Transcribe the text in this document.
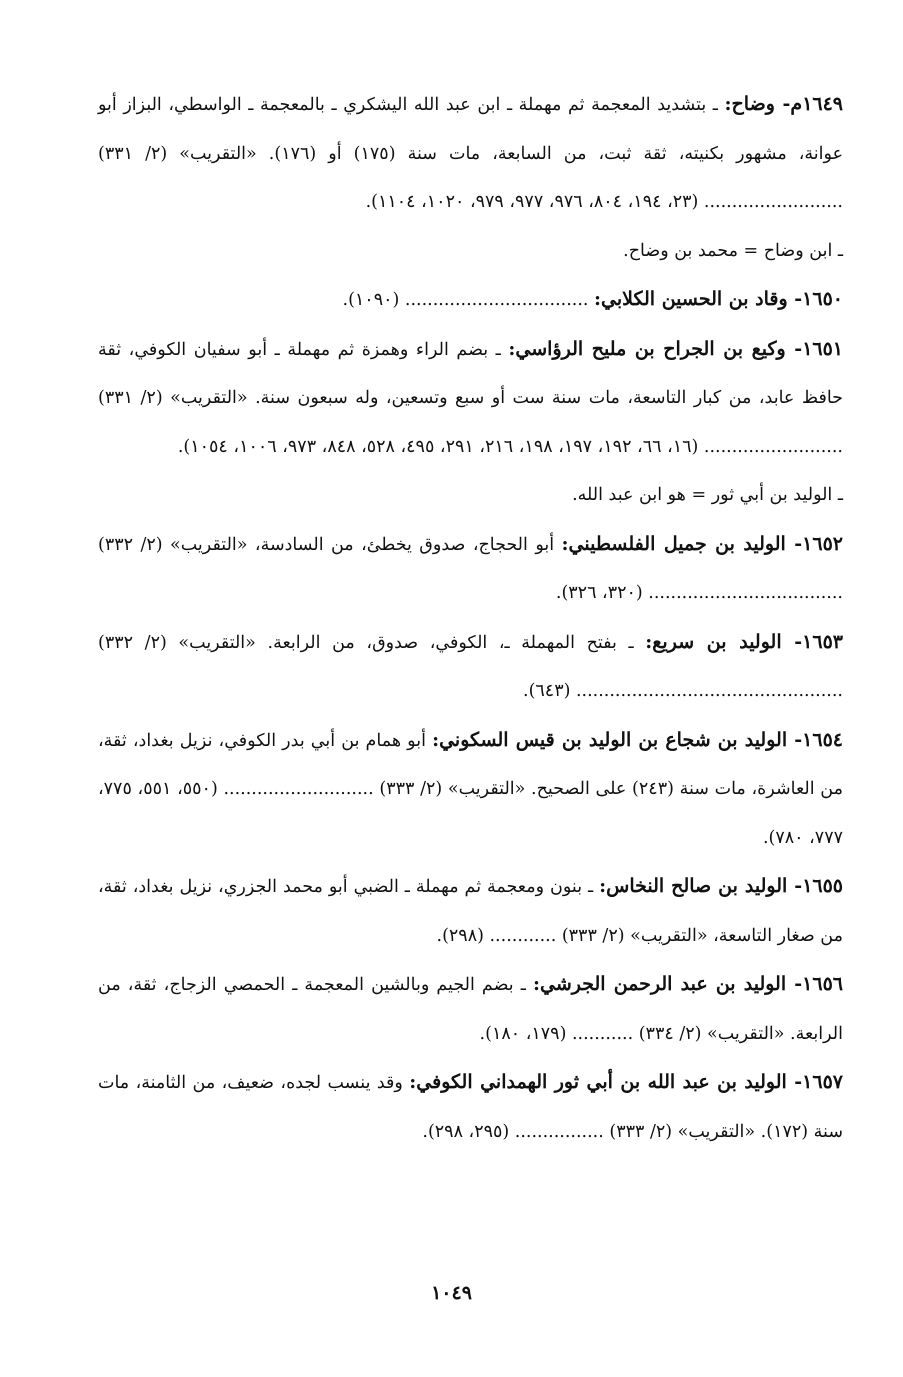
١٦٤٩م- وضاح: ـ بتشديد المعجمة ثم مهملة ـ ابن عبد الله اليشكري ـ بالمعجمة ـ الواسطي، البزاز أبو عوانة، مشهور بكنيته، ثقة ثبت، من السابعة، مات سنة (١٧٥) أو (١٧٦). «التقريب» (٢/ ٣٣١) ......................... (٢٣، ١٩٤، ٨٠٤، ٩٧٦، ٩٧٧، ٩٧٩، ١٠٢٠، ١١٠٤).

ـ ابن وضاح = محمد بن وضاح.

١٦٥٠- وقاد بن الحسين الكلابي: ................................. (١٠٩٠).

١٦٥١- وكيع بن الجراح بن مليح الرؤاسي: ـ بضم الراء وهمزة ثم مهملة ـ أبو سفيان الكوفي، ثقة حافظ عابد، من كبار التاسعة، مات سنة ست أو سبع وتسعين، وله سبعون سنة. «التقريب» (٢/ ٣٣١) ......................... (١٦، ٦٦، ١٩٢، ١٩٧، ١٩٨، ٢١٦، ٢٩١، ٤٩٥، ٥٢٨، ٨٤٨، ٩٧٣، ١٠٠٦، ١٠٥٤).

ـ الوليد بن أبي ثور = هو ابن عبد الله.

١٦٥٢- الوليد بن جميل الفلسطيني: أبو الحجاج، صدوق يخطئ، من السادسة، «التقريب» (٢/ ٣٣٢) ................................... (٣٢٠، ٣٢٦).

١٦٥٣- الوليد بن سريع: ـ بفتح المهملة ـ، الكوفي، صدوق، من الرابعة. «التقريب» (٢/ ٣٣٢) ................................................ (٦٤٣).

١٦٥٤- الوليد بن شجاع بن الوليد بن قيس السكوني: أبو همام بن أبي بدر الكوفي، نزيل بغداد، ثقة، من العاشرة، مات سنة (٢٤٣) على الصحيح. «التقريب» (٢/ ٣٣٣) ........................... (٥٥٠، ٥٥١، ٧٧٥، ٧٧٧، ٧٨٠).

١٦٥٥- الوليد بن صالح النخاس: ـ بنون ومعجمة ثم مهملة ـ الضبي أبو محمد الجزري، نزيل بغداد، ثقة، من صغار التاسعة، «التقريب» (٢/ ٣٣٣) ............ (٢٩٨).

١٦٥٦- الوليد بن عبد الرحمن الجرشي: ـ بضم الجيم وبالشين المعجمة ـ الحمصي الزجاج، ثقة، من الرابعة. «التقريب» (٢/ ٣٣٤) ........... (١٧٩، ١٨٠).

١٦٥٧- الوليد بن عبد الله بن أبي ثور الهمداني الكوفي: وقد ينسب لجده، ضعيف، من الثامنة، مات سنة (١٧٢). «التقريب» (٢/ ٣٣٣) ................ (٢٩٥، ٢٩٨).

١٠٤٩
